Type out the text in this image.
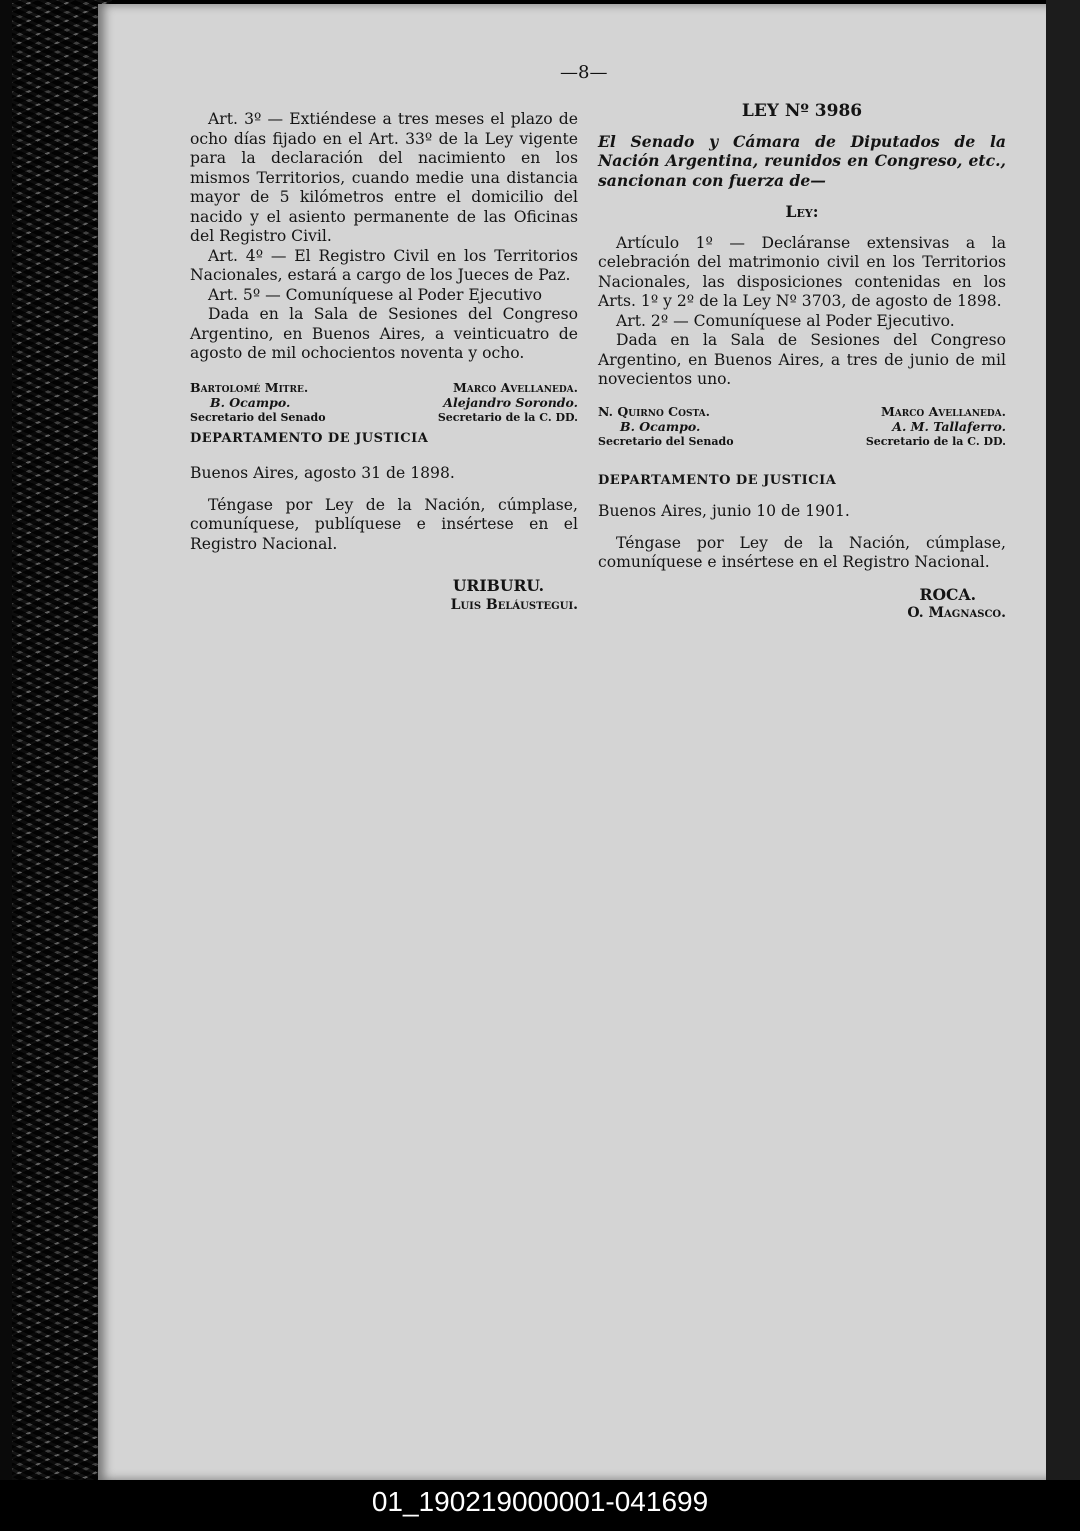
—8—

Art. 3º — Extiéndese a tres meses el plazo de ocho días fijado en el Art. 33º de la Ley vigente para la declaración del nacimiento en los mismos Territorios, cuando medie una distancia mayor de 5 kilómetros entre el domicilio del nacido y el asiento permanente de las Oficinas del Registro Civil.

Art. 4º — El Registro Civil en los Territorios Nacionales, estará a cargo de los Jueces de Paz.

Art. 5º — Comuníquese al Poder Ejecutivo

Dada en la Sala de Sesiones del Congreso Argentino, en Buenos Aires, a veinticuatro de agosto de mil ochocientos noventa y ocho.

Bartolomé Mitre.
B. Ocampo.
Secretario del Senado
Marco Avellaneda.
Alejandro Sorondo.
Secretario de la C. DD.
DEPARTAMENTO DE JUSTICIA

Buenos Aires, agosto 31 de 1898.

Téngase por Ley de la Nación, cúmplase, comuníquese, publíquese e insértese en el Registro Nacional.

URIBURU.
Luis Beláustegui.
LEY Nº 3986

El Senado y Cámara de Diputados de la Nación Argentina, reunidos en Congreso, etc., sancionan con fuerza de—

Ley:

Artículo 1º — Decláranse extensivas a la celebración del matrimonio civil en los Territorios Nacionales, las disposiciones contenidas en los Arts. 1º y 2º de la Ley Nº 3703, de agosto de 1898.

Art. 2º — Comuníquese al Poder Ejecutivo.

Dada en la Sala de Sesiones del Congreso Argentino, en Buenos Aires, a tres de junio de mil novecientos uno.

N. Quirno Costa.
B. Ocampo.
Secretario del Senado
Marco Avellaneda.
A. M. Tallaferro.
Secretario de la C. DD.
DEPARTAMENTO DE JUSTICIA

Buenos Aires, junio 10 de 1901.

Téngase por Ley de la Nación, cúmplase, comuníquese e insértese en el Registro Nacional.

ROCA.
O. Magnasco.
01_190219000001-041699
